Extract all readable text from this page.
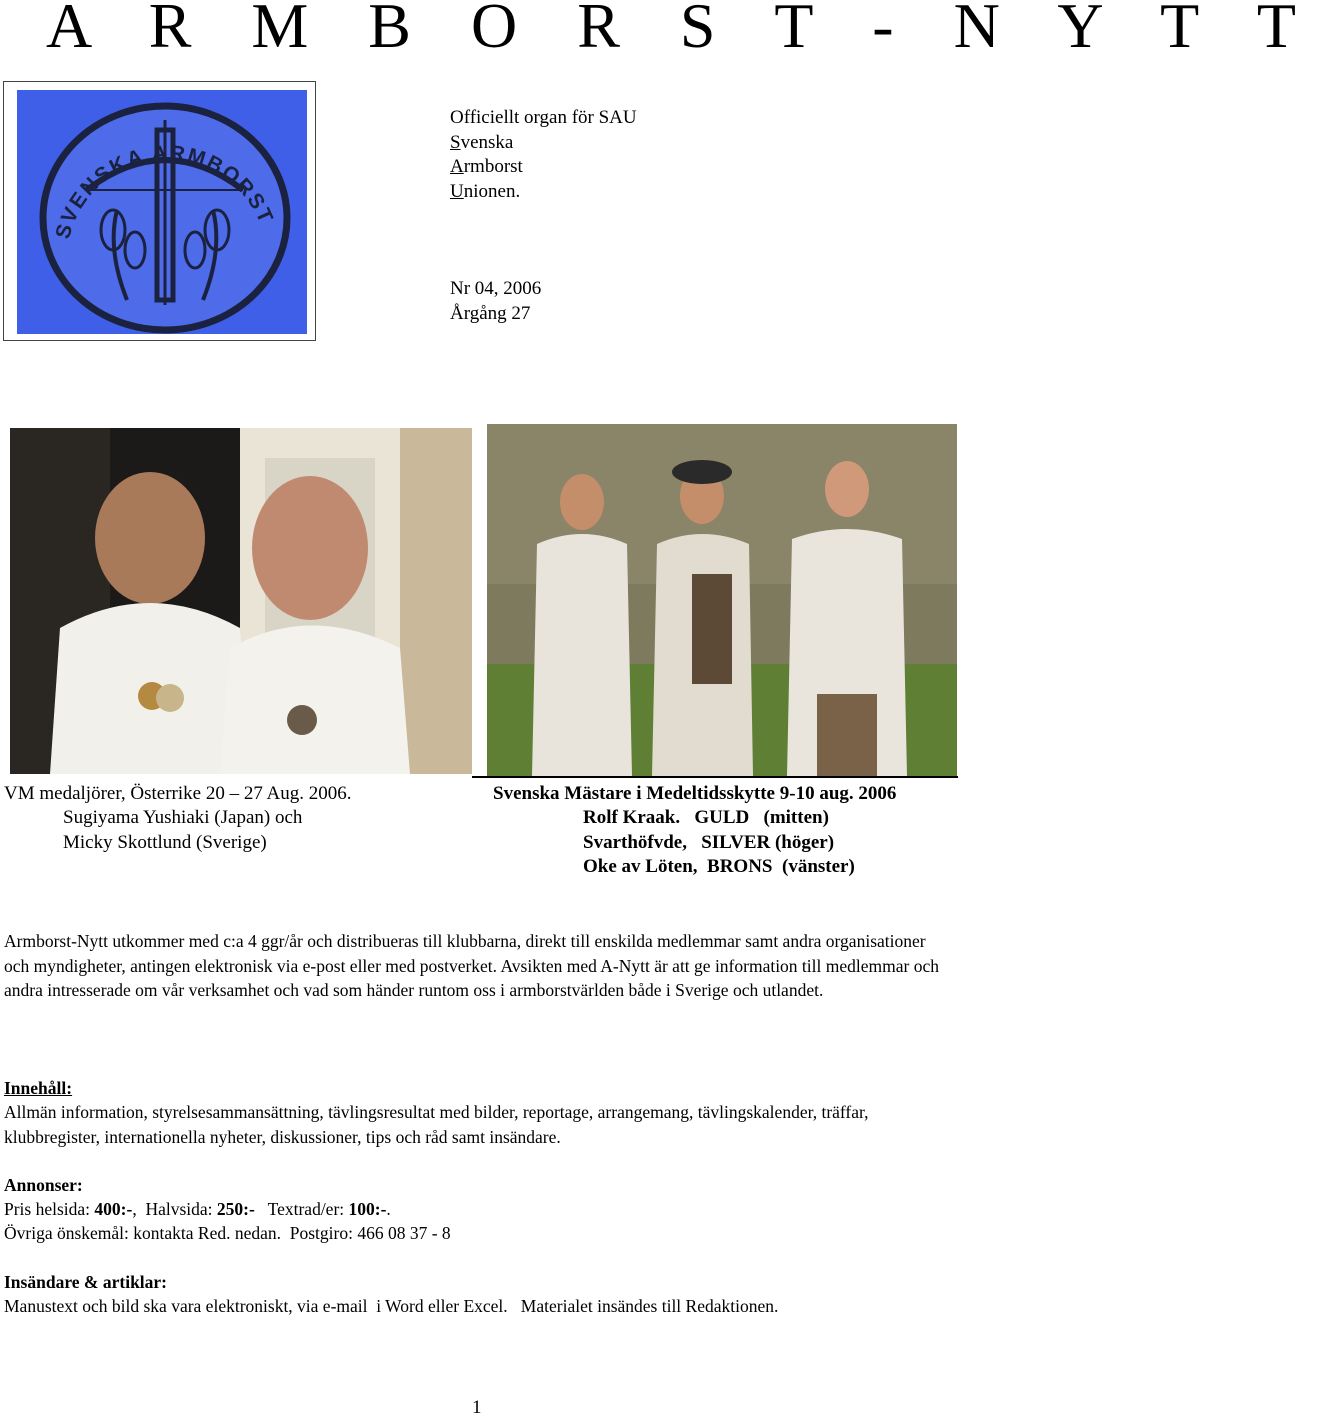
A R M B O R S T - N Y T T
SVENSKA ARMBORST
Officiellt organ för SAU
Svenska
Armborst
Unionen.
Nr 04, 2006
Årgång 27
VM medaljörer, Österrike 20 – 27 Aug. 2006.
Sugiyama Yushiaki (Japan) och
Micky Skottlund (Sverige)
Svenska Mästare i Medeltidsskytte 9-10 aug. 2006
Rolf Kraak.   GULD   (mitten)
Svarthöfvde,   SILVER (höger)
Oke av Löten,  BRONS  (vänster)
Armborst-Nytt utkommer med c:a 4 ggr/år och distribueras till klubbarna, direkt till enskilda medlemmar samt andra organisationer och myndigheter, antingen elektronisk via e-post eller med postverket. Avsikten med A-Nytt är att ge information till medlemmar och andra intresserade om vår verksamhet och vad som händer runtom oss i armborstvärlden både i Sverige och utlandet.
Innehåll:
Allmän information, styrelsesammansättning, tävlingsresultat med bilder, reportage, arrangemang, tävlingskalender, träffar, klubbregister, internationella nyheter, diskussioner, tips och råd samt insändare.
Annonser:
Pris helsida: 400:-,  Halvsida: 250:-   Textrad/er: 100:-.
Övriga önskemål: kontakta Red. nedan.  Postgiro: 466 08 37 - 8
Insändare & artiklar:
Manustext och bild ska vara elektroniskt, via e-mail  i Word eller Excel.   Materialet insändes till Redaktionen.
1
